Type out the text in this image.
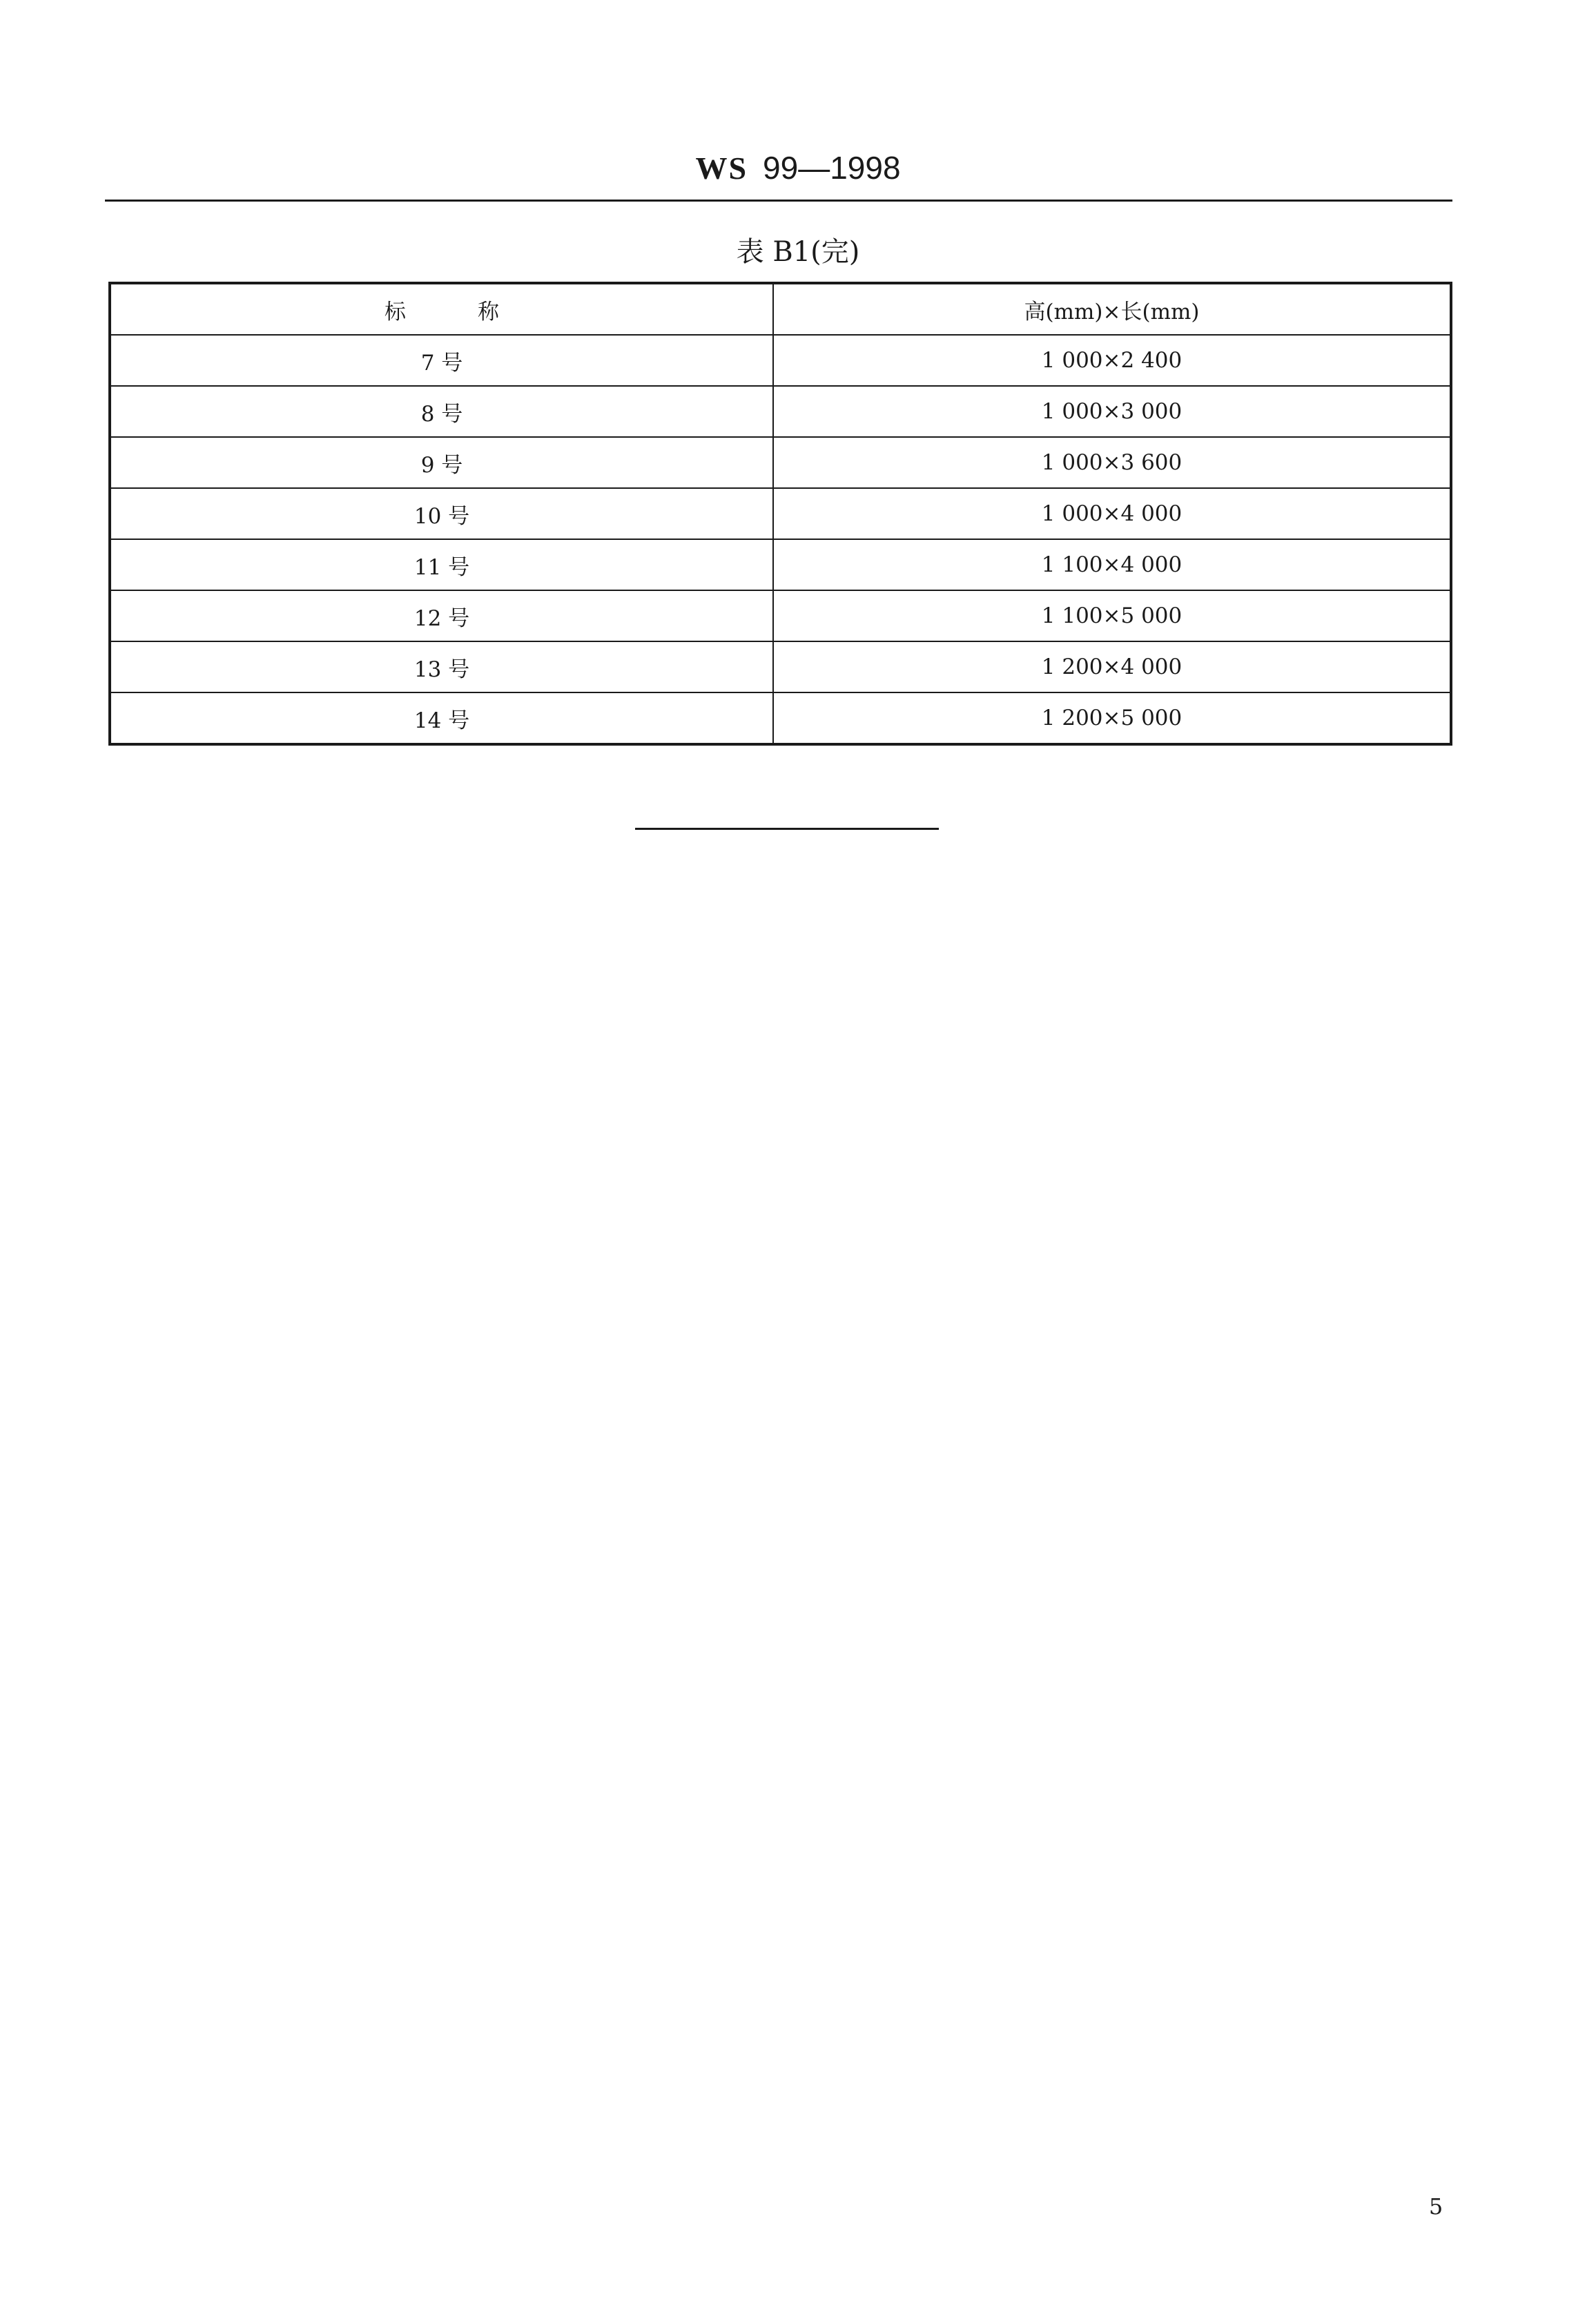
WS 99—1998
表 B1(完)
标称	高(mm)×长(mm)
7 号	1 000×2 400
8 号	1 000×3 000
9 号	1 000×3 600
10 号	1 000×4 000
11 号	1 100×4 000
12 号	1 100×5 000
13 号	1 200×4 000
14 号	1 200×5 000
5
